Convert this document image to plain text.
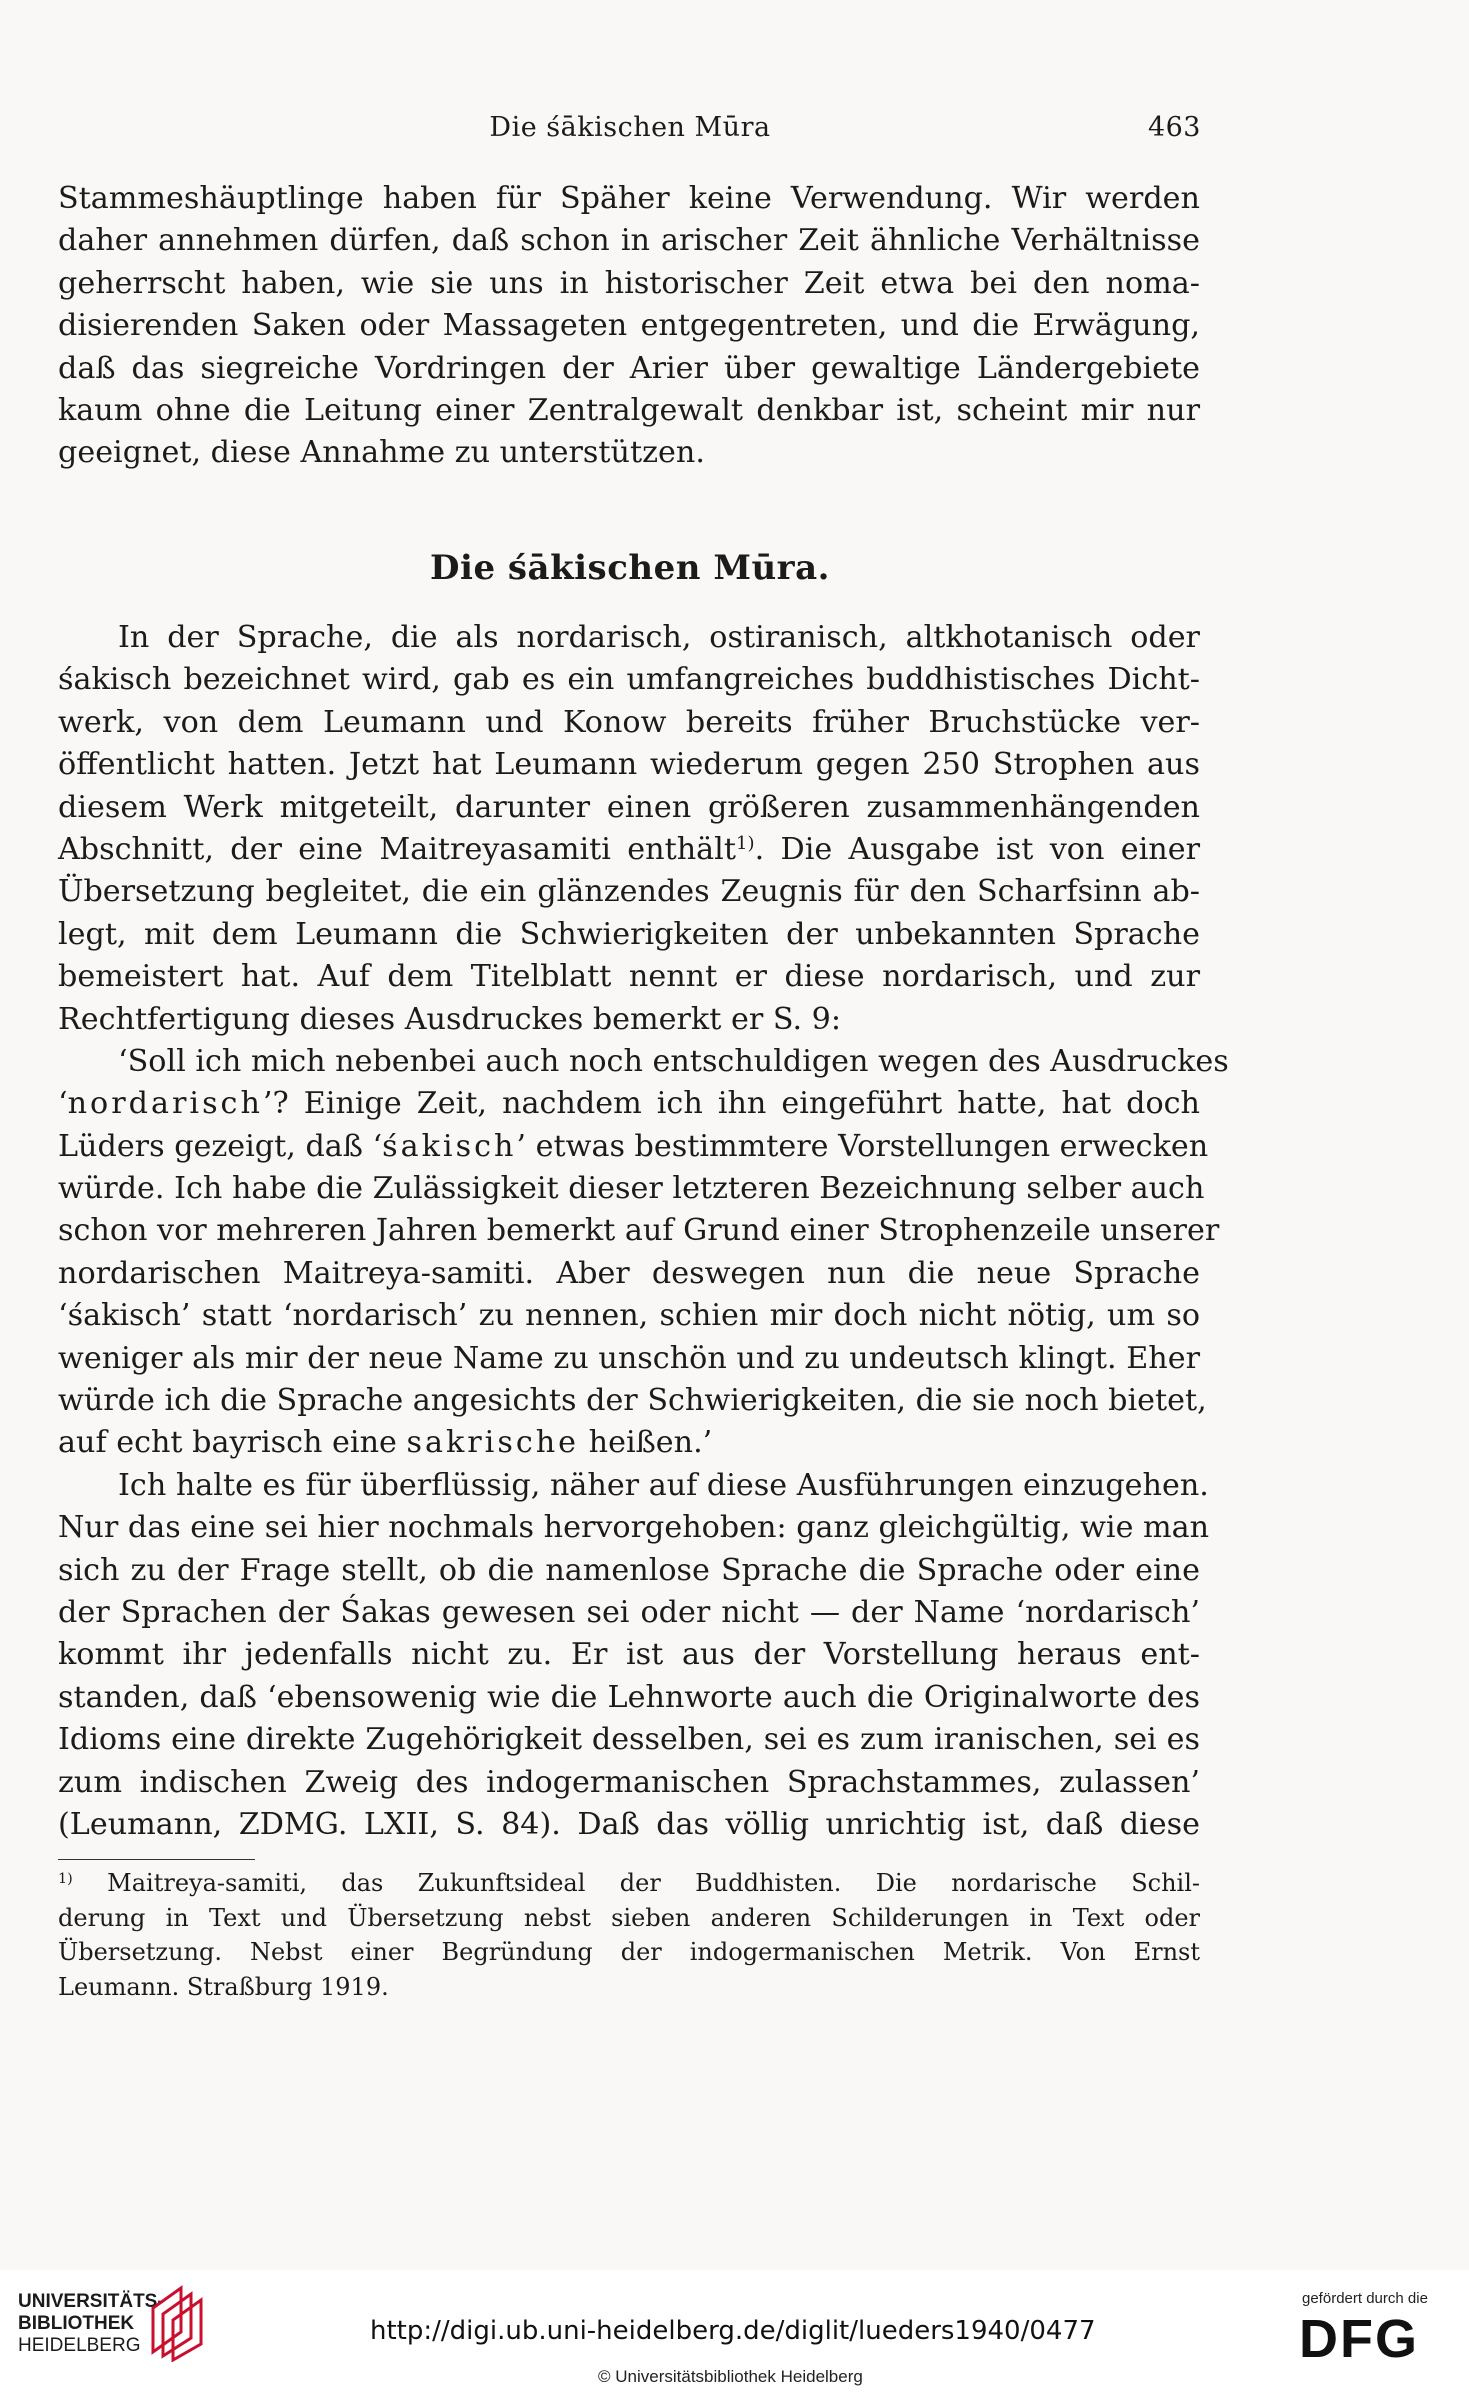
Die śākischen Mūra	463
Stammeshäuptlinge haben für Späher keine Verwendung. Wir werden
daher annehmen dürfen, daß schon in arischer Zeit ähnliche Verhältnisse
geherrscht haben, wie sie uns in historischer Zeit etwa bei den noma-
disierenden Saken oder Massageten entgegentreten, und die Erwägung,
daß das siegreiche Vordringen der Arier über gewaltige Ländergebiete
kaum ohne die Leitung einer Zentralgewalt denkbar ist, scheint mir nur
geeignet, diese Annahme zu unterstützen.
Die śākischen Mūra.
In der Sprache, die als nordarisch, ostiranisch, altkhotanisch oder
śakisch bezeichnet wird, gab es ein umfangreiches buddhistisches Dicht-
werk, von dem Leumann und Konow bereits früher Bruchstücke ver-
öffentlicht hatten. Jetzt hat Leumann wiederum gegen 250 Strophen aus
diesem Werk mitgeteilt, darunter einen größeren zusammenhängenden
Abschnitt, der eine Maitreyasamiti enthält$^{1)}$. Die Ausgabe ist von einer
Übersetzung begleitet, die ein glänzendes Zeugnis für den Scharfsinn ab-
legt, mit dem Leumann die Schwierigkeiten der unbekannten Sprache
bemeistert hat. Auf dem Titelblatt nennt er diese nordarisch, und zur
Rechtfertigung dieses Ausdruckes bemerkt er S. 9:
‘Soll ich mich nebenbei auch noch entschuldigen wegen des Ausdruckes
‘nordarisch’? Einige Zeit, nachdem ich ihn eingeführt hatte, hat doch
Lüders gezeigt, daß ‘śakisch’ etwas bestimmtere Vorstellungen erwecken
würde. Ich habe die Zulässigkeit dieser letzteren Bezeichnung selber auch
schon vor mehreren Jahren bemerkt auf Grund einer Strophenzeile unserer
nordarischen Maitreya-samiti. Aber deswegen nun die neue Sprache
‘śakisch’ statt ‘nordarisch’ zu nennen, schien mir doch nicht nötig, um so
weniger als mir der neue Name zu unschön und zu undeutsch klingt. Eher
würde ich die Sprache angesichts der Schwierigkeiten, die sie noch bietet,
auf echt bayrisch eine sakrische heißen.’
Ich halte es für überflüssig, näher auf diese Ausführungen einzugehen.
Nur das eine sei hier nochmals hervorgehoben: ganz gleichgültig, wie man
sich zu der Frage stellt, ob die namenlose Sprache die Sprache oder eine
der Sprachen der Śakas gewesen sei oder nicht — der Name ‘nordarisch’
kommt ihr jedenfalls nicht zu. Er ist aus der Vorstellung heraus ent-
standen, daß ‘ebensowenig wie die Lehnworte auch die Originalworte des
Idioms eine direkte Zugehörigkeit desselben, sei es zum iranischen, sei es
zum indischen Zweig des indogermanischen Sprachstammes, zulassen’
(Leumann, ZDMG. LXII, S. 84). Daß das völlig unrichtig ist, daß diese
$^{1)}$ Maitreya-samiti, das Zukunftsideal der Buddhisten. Die nordarische Schil-
derung in Text und Übersetzung nebst sieben anderen Schilderungen in Text oder
Übersetzung. Nebst einer Begründung der indogermanischen Metrik. Von Ernst
Leumann. Straßburg 1919.
UNIVERSITÄTS-
BIBLIOTHEK
HEIDELBERG	http://digi.ub.uni-heidelberg.de/diglit/lueders1940/0477
© Universitätsbibliothek Heidelberg
gefördert durch die
DFG
